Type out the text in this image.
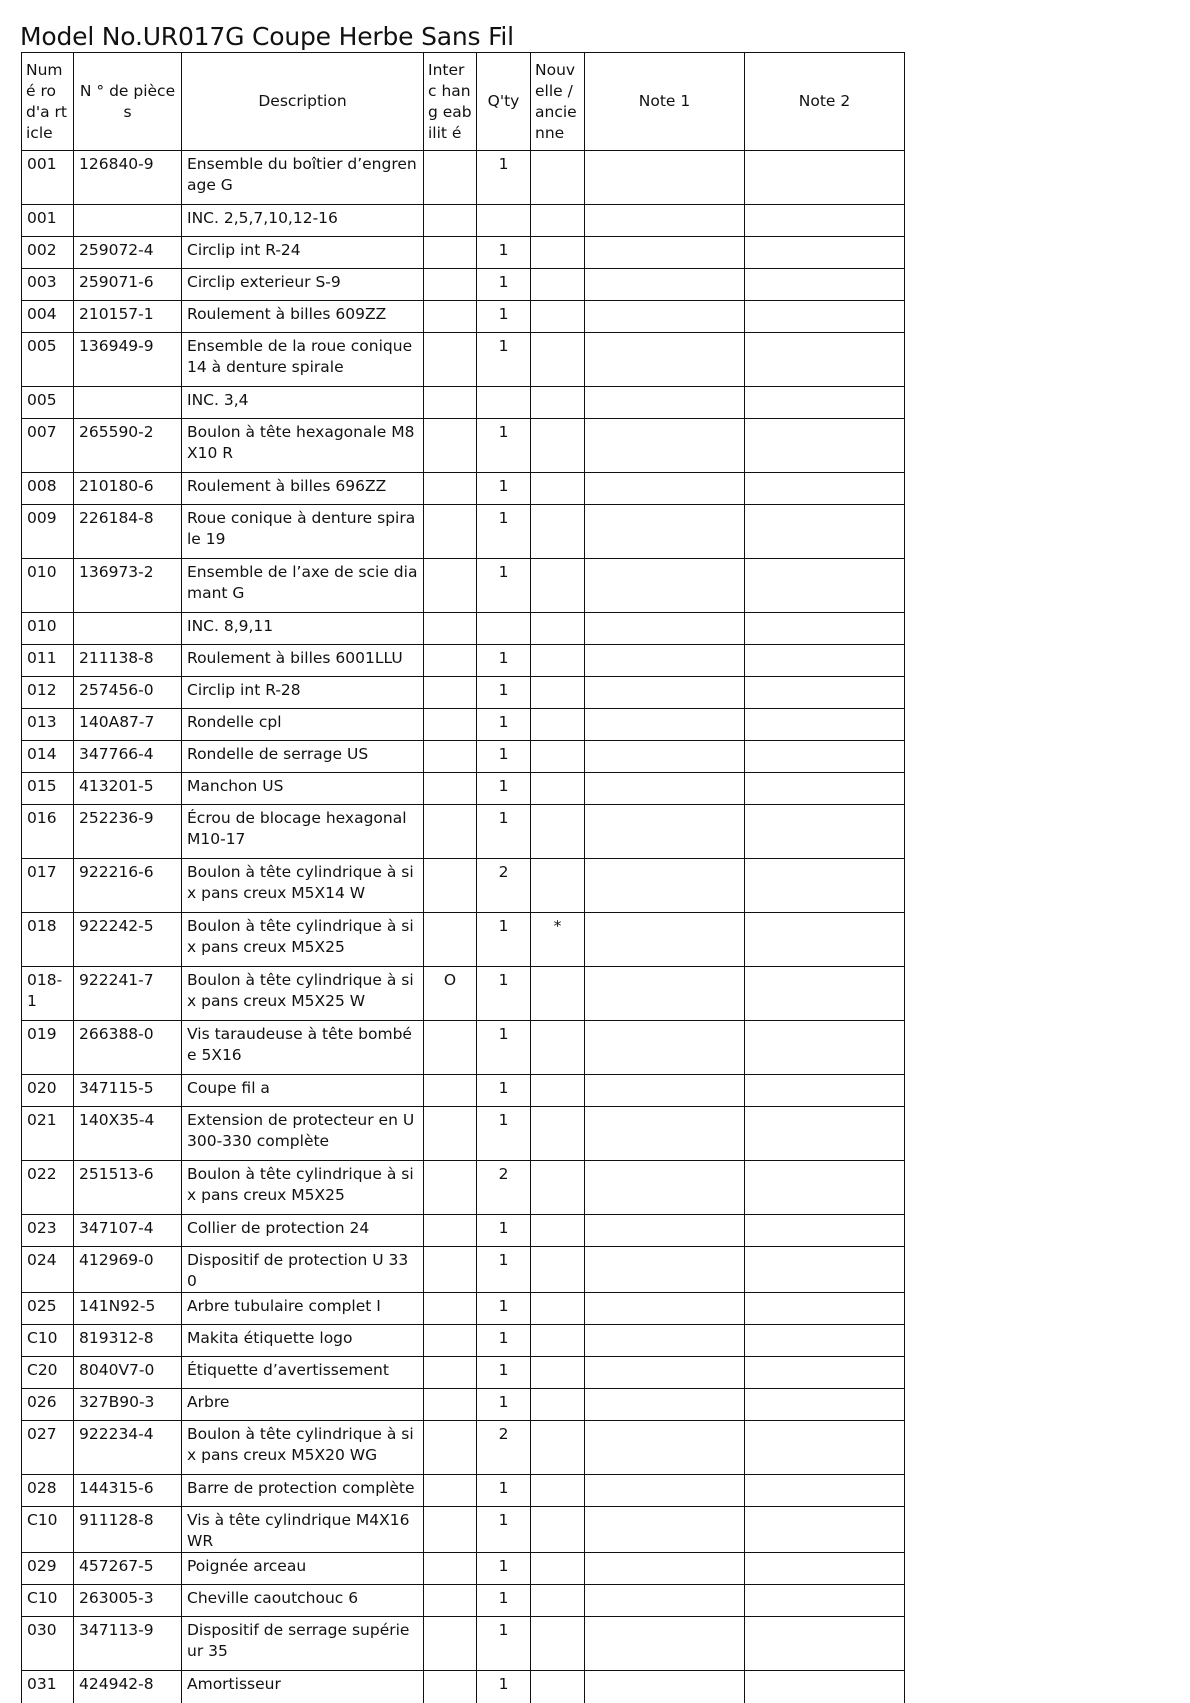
Model No.UR017G Coupe Herbe Sans Fil
Numé ro d'a rticle	N ° de pièces	Description	Interc hang eabilit é	Q'ty	Nouv elle / ancie nne	Note 1	Note 2
001	126840-9	Ensemble du boîtier d’engrenage G		1			
001		INC. 2,5,7,10,12-16					
002	259072-4	Circlip int R-24		1			
003	259071-6	Circlip exterieur S-9		1			
004	210157-1	Roulement à billes 609ZZ		1			
005	136949-9	Ensemble de la roue conique 14 à denture spirale		1			
005		INC. 3,4					
007	265590-2	Boulon à tête hexagonale M8X10 R		1			
008	210180-6	Roulement à billes 696ZZ		1			
009	226184-8	Roue conique à denture spirale 19		1			
010	136973-2	Ensemble de l’axe de scie diamant G		1			
010		INC. 8,9,11					
011	211138-8	Roulement à billes 6001LLU		1			
012	257456-0	Circlip int R-28		1			
013	140A87-7	Rondelle cpl		1			
014	347766-4	Rondelle de serrage US		1			
015	413201-5	Manchon US		1			
016	252236-9	Écrou de blocage hexagonal M10-17		1			
017	922216-6	Boulon à tête cylindrique à six pans creux M5X14 W		2			
018	922242-5	Boulon à tête cylindrique à six pans creux M5X25		1	*		
018-1	922241-7	Boulon à tête cylindrique à six pans creux M5X25 W	O	1			
019	266388-0	Vis taraudeuse à tête bombée 5X16		1			
020	347115-5	Coupe fil a		1			
021	140X35-4	Extension de protecteur en U 300-330 complète		1			
022	251513-6	Boulon à tête cylindrique à six pans creux M5X25		2			
023	347107-4	Collier de protection 24		1			
024	412969-0	Dispositif de protection U 330		1			
025	141N92-5	Arbre tubulaire complet I		1			
C10	819312-8	Makita étiquette logo		1			
C20	8040V7-0	Étiquette d’avertissement		1			
026	327B90-3	Arbre		1			
027	922234-4	Boulon à tête cylindrique à six pans creux M5X20 WG		2			
028	144315-6	Barre de protection complète		1			
C10	911128-8	Vis à tête cylindrique M4X16 WR		1			
029	457267-5	Poignée arceau		1			
C10	263005-3	Cheville caoutchouc 6		1			
030	347113-9	Dispositif de serrage supérieur 35		1			
031	424942-8	Amortisseur		1			
